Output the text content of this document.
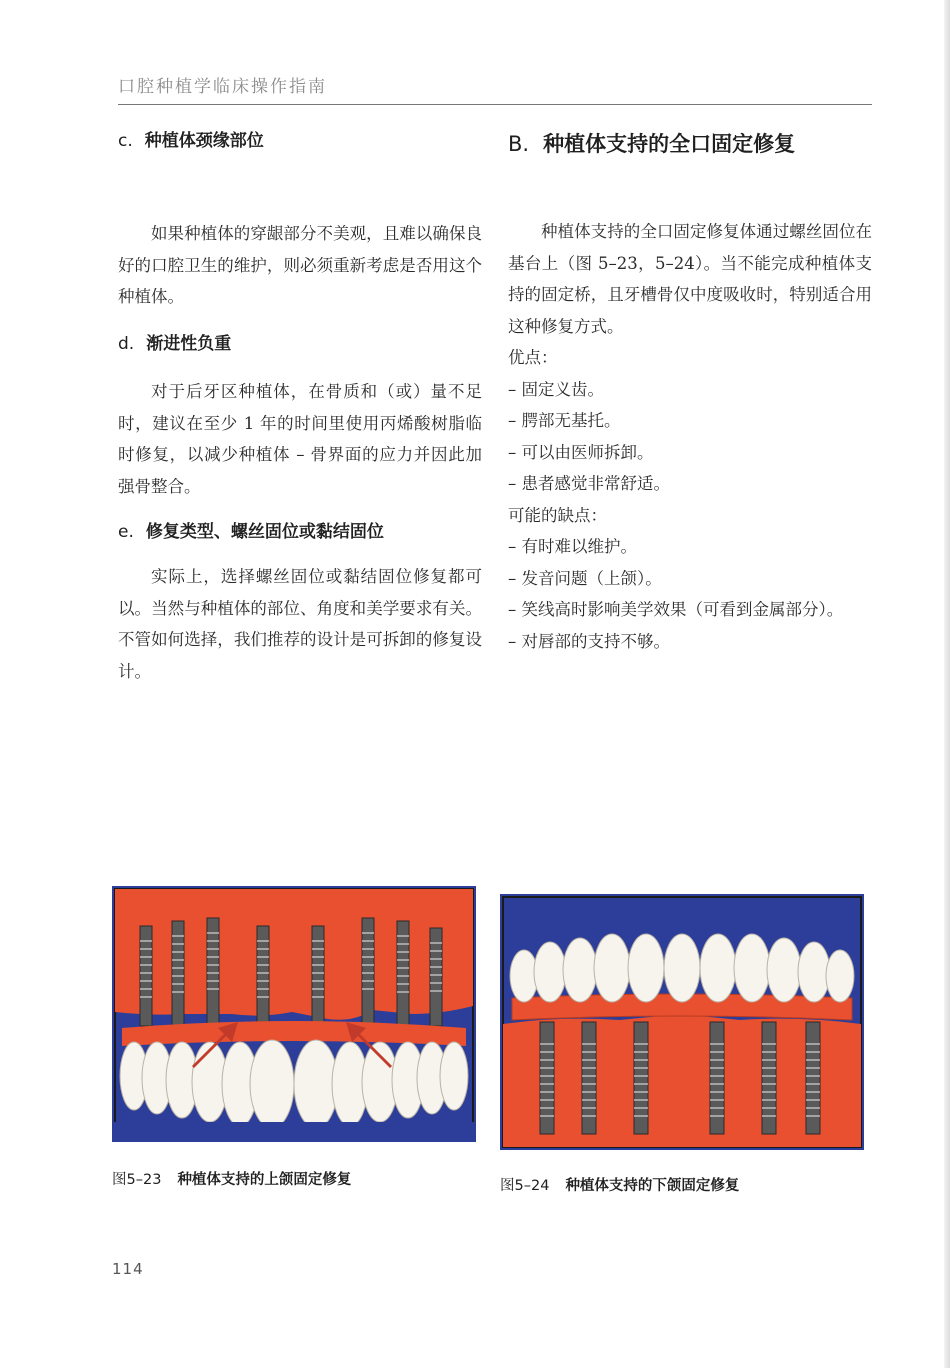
口腔种植学临床操作指南
c. 种植体颈缘部位

如果种植体的穿龈部分不美观，且难以确保良好的口腔卫生的维护，则必须重新考虑是否用这个种植体。

d. 渐进性负重

对于后牙区种植体，在骨质和（或）量不足时，建议在至少 1 年的时间里使用丙烯酸树脂临时修复，以减少种植体 – 骨界面的应力并因此加强骨整合。

e. 修复类型、螺丝固位或黏结固位

实际上，选择螺丝固位或黏结固位修复都可以。当然与种植体的部位、角度和美学要求有关。不管如何选择，我们推荐的设计是可拆卸的修复设计。

B. 种植体支持的全口固定修复

种植体支持的全口固定修复体通过螺丝固位在基台上（图 5–23，5–24）。当不能完成种植体支持的固定桥，且牙槽骨仅中度吸收时，特别适合用这种修复方式。

优点：
– 固定义齿。
– 腭部无基托。
– 可以由医师拆卸。
– 患者感觉非常舒适。
可能的缺点：
– 有时难以维护。
– 发音问题（上颌）。
– 笑线高时影响美学效果（可看到金属部分）。
– 对唇部的支持不够。
图5–23 种植体支持的上颌固定修复	图5–24 种植体支持的下颌固定修复
114
